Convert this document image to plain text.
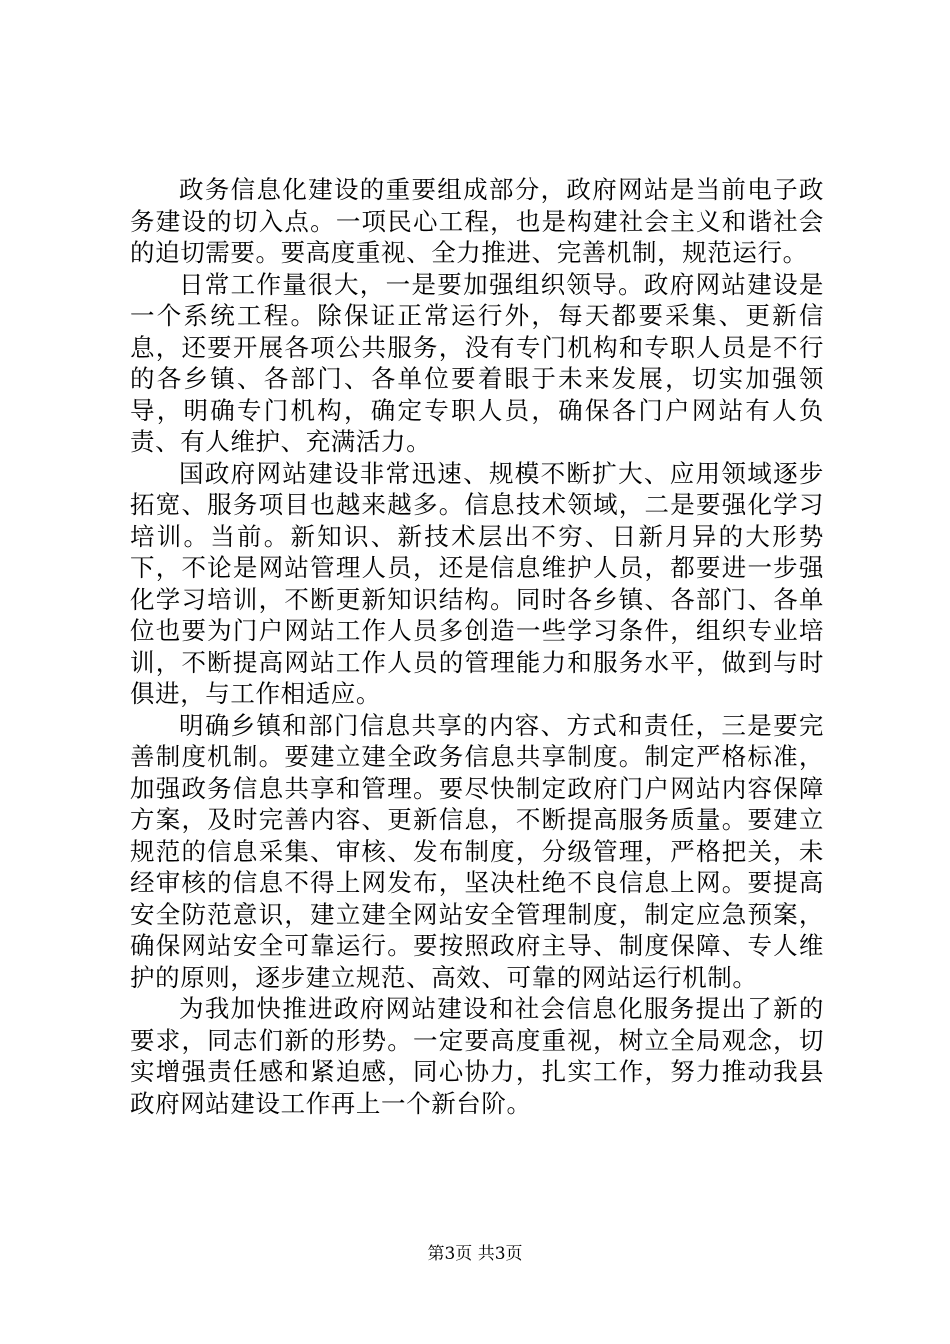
政务信息化建设的重要组成部分，政府网站是当前电子政务建设的切入点。一项民心工程，也是构建社会主义和谐社会的迫切需要。要高度重视、全力推进、完善机制，规范运行。

日常工作量很大，一是要加强组织领导。政府网站建设是一个系统工程。除保证正常运行外，每天都要采集、更新信息，还要开展各项公共服务，没有专门机构和专职人员是不行的各乡镇、各部门、各单位要着眼于未来发展，切实加强领导，明确专门机构，确定专职人员，确保各门户网站有人负责、有人维护、充满活力。

国政府网站建设非常迅速、规模不断扩大、应用领域逐步拓宽、服务项目也越来越多。信息技术领域，二是要强化学习培训。当前。新知识、新技术层出不穷、日新月异的大形势下，不论是网站管理人员，还是信息维护人员，都要进一步强化学习培训，不断更新知识结构。同时各乡镇、各部门、各单位也要为门户网站工作人员多创造一些学习条件，组织专业培训，不断提高网站工作人员的管理能力和服务水平，做到与时俱进，与工作相适应。

明确乡镇和部门信息共享的内容、方式和责任，三是要完善制度机制。要建立建全政务信息共享制度。制定严格标准，加强政务信息共享和管理。要尽快制定政府门户网站内容保障方案，及时完善内容、更新信息，不断提高服务质量。要建立规范的信息采集、审核、发布制度，分级管理，严格把关，未经审核的信息不得上网发布，坚决杜绝不良信息上网。要提高安全防范意识，建立建全网站安全管理制度，制定应急预案，确保网站安全可靠运行。要按照政府主导、制度保障、专人维护的原则，逐步建立规范、高效、可靠的网站运行机制。

为我加快推进政府网站建设和社会信息化服务提出了新的要求，同志们新的形势。一定要高度重视，树立全局观念，切实增强责任感和紧迫感，同心协力，扎实工作，努力推动我县政府网站建设工作再上一个新台阶。

第3页 共3页
